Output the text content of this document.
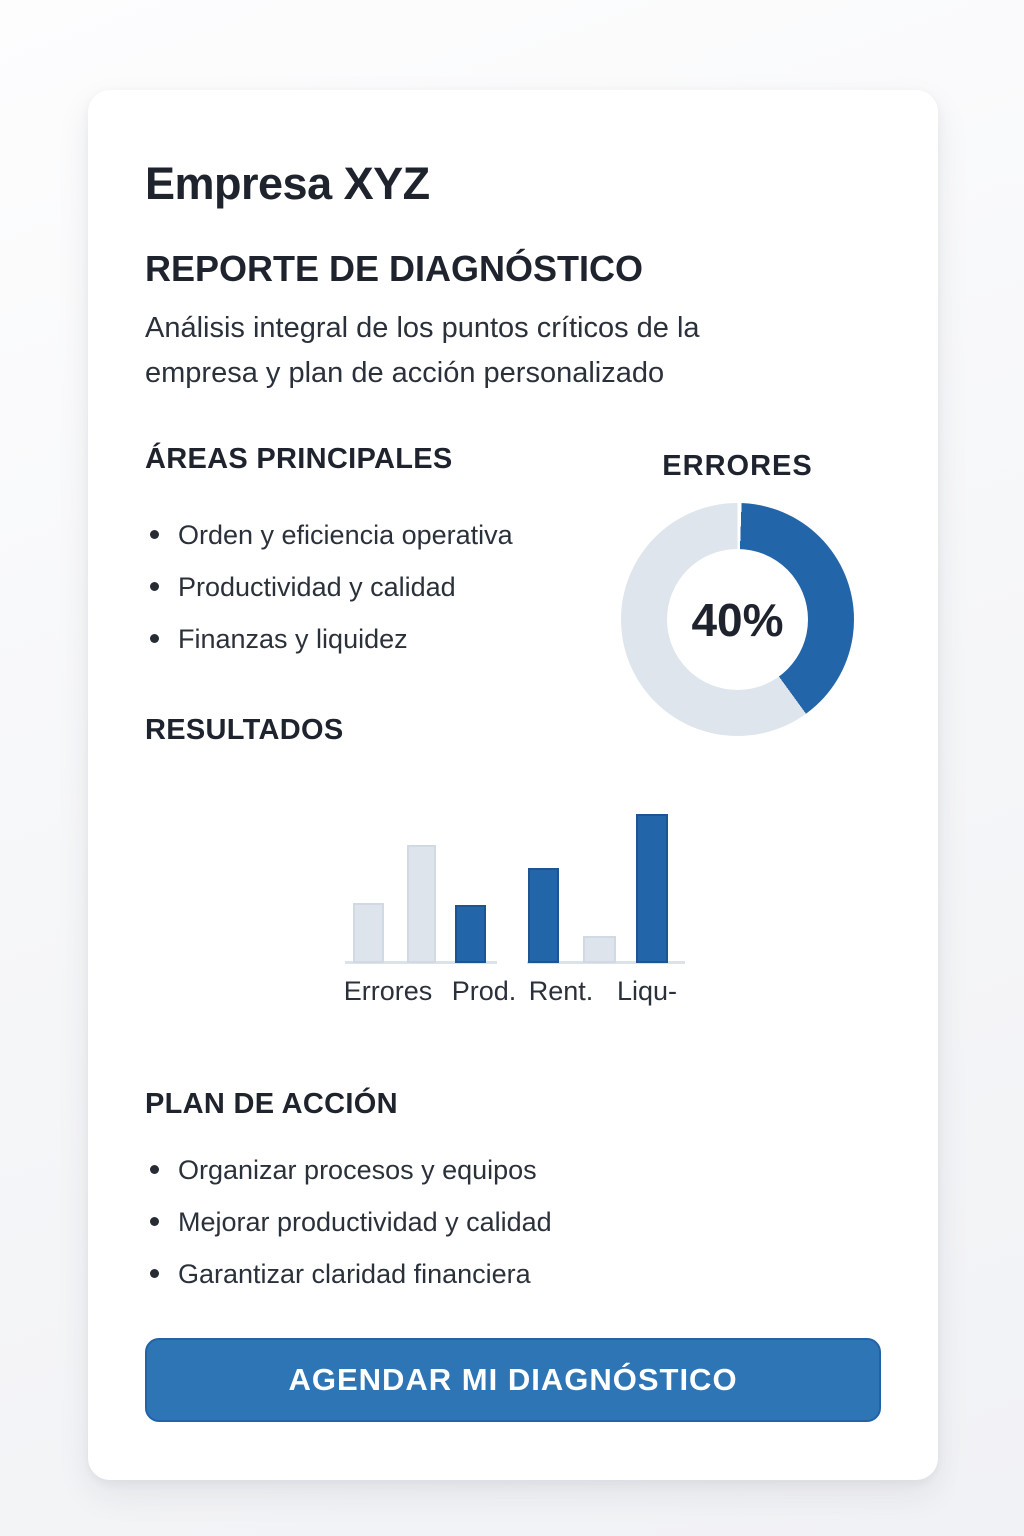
Empresa XYZ
REPORTE DE DIAGNÓSTICO
Análisis integral de los puntos críticos de la empresa y plan de acción personalizado
ÁREAS PRINCIPALES
Orden y eficiencia operativa
Productividad y calidad
Finanzas y liquidez
ERRORES
40%
RESULTADOS
Errores Prod. Rent. Liqu-
PLAN DE ACCIÓN
Organizar procesos y equipos
Mejorar productividad y calidad
Garantizar claridad financiera
AGENDAR MI DIAGNÓSTICO
